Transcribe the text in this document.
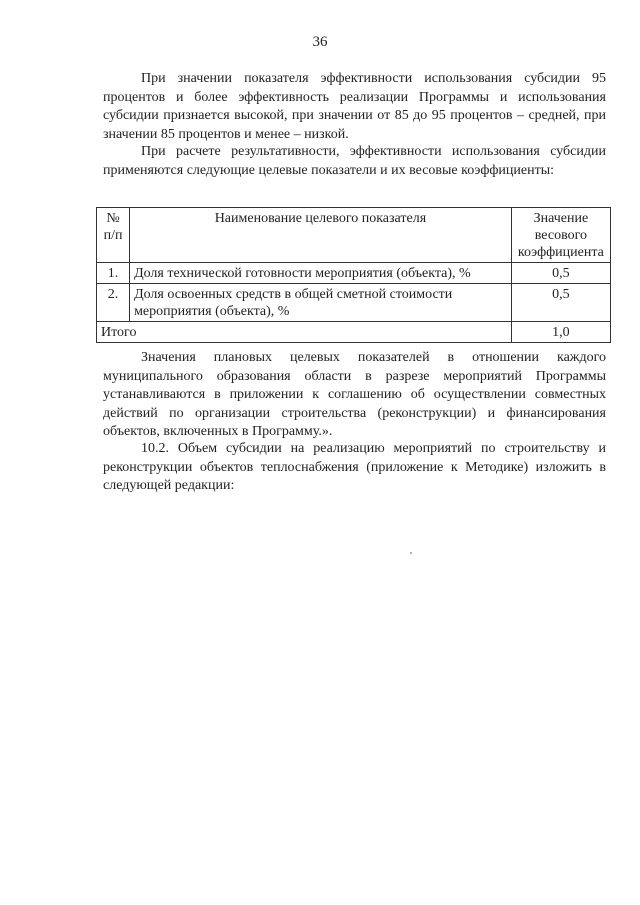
36

При значении показателя эффективности использования субсидии 95 процентов и более эффективность реализации Программы и использования субсидии признается высокой, при значении от 85 до 95 процентов – средней, при значении 85 процентов и менее – низкой.

При расчете результативности, эффективности использования субсидии применяются следующие целевые показатели и их весовые коэффициенты:

№ п/п	Наименование целевого показателя	Значение весового коэффициента
1.	Доля технической готовности мероприятия (объекта), %	0,5
2.	Доля освоенных средств в общей сметной стоимости мероприятия (объекта), %	0,5
Итого		1,0

Значения плановых целевых показателей в отношении каждого муниципального образования области в разрезе мероприятий Программы устанавливаются в приложении к соглашению об осуществлении совместных действий по организации строительства (реконструкции) и финансирования объектов, включенных в Программу.».

10.2. Объем субсидии на реализацию мероприятий по строительству и реконструкции объектов теплоснабжения (приложение к Методике) изложить в следующей редакции:
